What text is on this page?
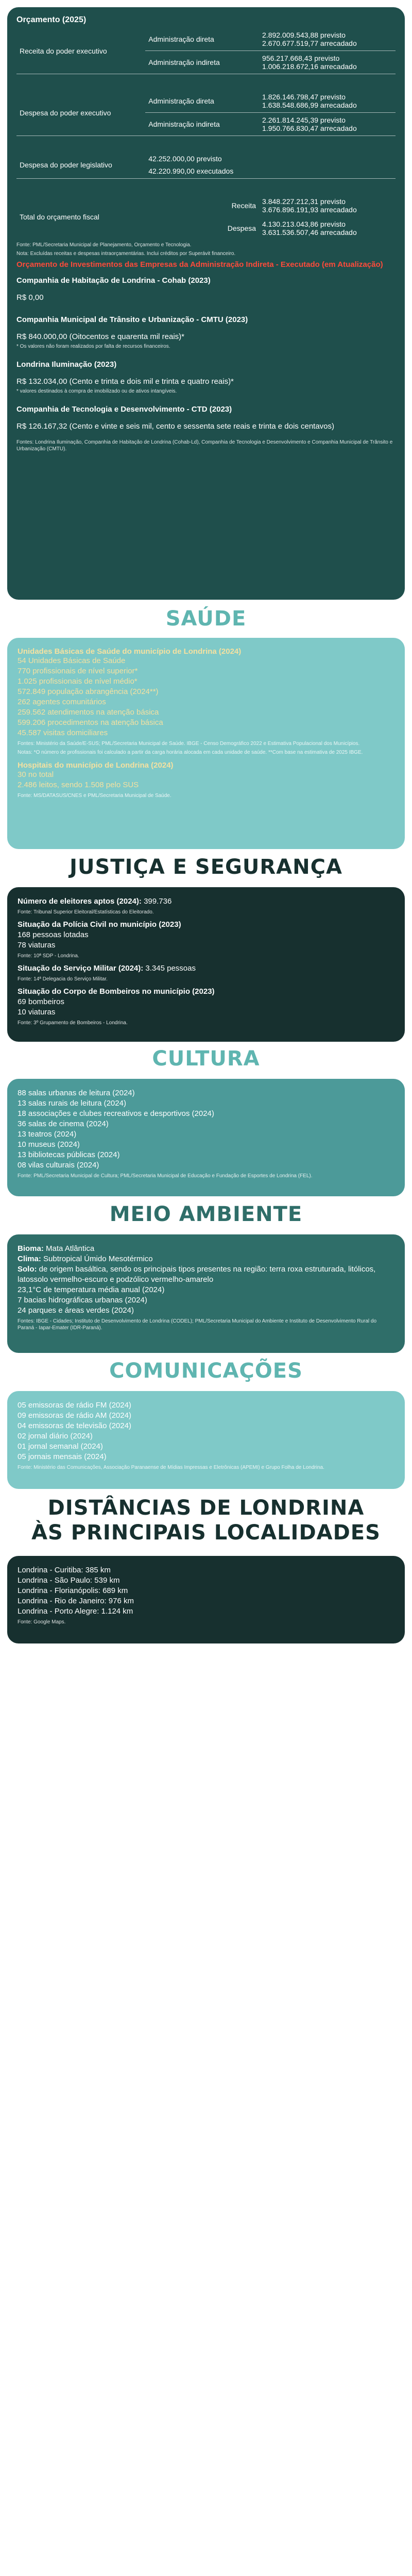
Orçamento (2025)
Receita do poder executivo	Administração direta	2.892.009.543,88 previsto
2.670.677.519,77 arrecadado

	Administração indireta	956.217.668,43 previsto
1.006.218.672,16 arrecadado

Despesa do poder executivo	Administração direta	1.826.146.798,47 previsto
1.638.548.686,99 arrecadado

	Administração indireta	2.261.814.245,39 previsto
1.950.766.830,47 arrecadado

Despesa do poder legislativo	42.252.000,00 previsto
42.220.990,00 executados	

Total do orçamento fiscal	Receita	3.848.227.212,31 previsto
3.676.896.191,93 arrecadado

	Despesa	4.130.213.043,86 previsto
3.631.536.507,46 arrecadado
Fonte: PML/Secretaria Municipal de Planejamento, Orçamento e Tecnologia.
Nota: Excluídas receitas e despesas intraorçamentárias. Inclui créditos por Superávit financeiro.
Orçamento de Investimentos das Empresas da Administração Indireta - Executado (em Atualização)
Companhia de Habitação de Londrina - Cohab (2023)
R$ 0,00
Companhia Municipal de Trânsito e Urbanização - CMTU (2023)
R$ 840.000,00 (Oitocentos e quarenta mil reais)*
* Os valores não foram realizados por falta de recursos financeiros.
Londrina Iluminação (2023)
R$ 132.034,00 (Cento e trinta e dois mil e trinta e quatro reais)*
* valores destinados à compra de imobilizado ou de ativos intangíveis.
Companhia de Tecnologia e Desenvolvimento - CTD (2023)
R$ 126.167,32 (Cento e vinte e seis mil, cento e sessenta sete reais e trinta e dois centavos)
Fontes: Londrina Iluminação, Companhia de Habitação de Londrina (Cohab-Ld), Companhia de Tecnologia e Desenvolvimento e Companhia Municipal de Trânsito e Urbanização (CMTU).
SAÚDE
Unidades Básicas de Saúde do município de Londrina (2024)
54 Unidades Básicas de Saúde
770 profissionais de nível superior*
1.025 profissionais de nível médio*
572.849 população abrangência (2024**)
262 agentes comunitários
259.562 atendimentos na atenção básica
599.206 procedimentos na atenção básica
45.587 visitas domiciliares
Fontes: Ministério da Saúde/E-SUS; PML/Secretaria Municipal de Saúde. IBGE - Censo Demográfico 2022 e Estimativa Populacional dos Municípios.
Notas: *O número de profissionais foi calculado a partir da carga horária alocada em cada unidade de saúde. **Com base na estimativa de 2025 IBGE.
Hospitais do município de Londrina (2024)
30 no total
2.486 leitos, sendo 1.508 pelo SUS
Fonte: MS/DATASUS/CNES e PML/Secretaria Municipal de Saúde.
JUSTIÇA E SEGURANÇA
Número de eleitores aptos (2024): 399.736
Fonte: Tribunal Superior Eleitoral/Estatísticas do Eleitorado.
Situação da Polícia Civil no município (2023)
168 pessoas lotadas
78 viaturas
Fonte: 10ª SDP - Londrina.
Situação do Serviço Militar (2024): 3.345 pessoas
Fonte: 14ª Delegacia do Serviço Militar.
Situação do Corpo de Bombeiros no município (2023)
69 bombeiros
10 viaturas
Fonte: 3º Grupamento de Bombeiros - Londrina.
CULTURA
88 salas urbanas de leitura (2024)
13 salas rurais de leitura (2024)
18 associações e clubes recreativos e desportivos (2024)
36 salas de cinema (2024)
13 teatros (2024)
10 museus (2024)
13 bibliotecas públicas (2024)
08 vilas culturais (2024)
Fonte: PML/Secretaria Municipal de Cultura; PML/Secretaria Municipal de Educação e Fundação de Esportes de Londrina (FEL).
MEIO AMBIENTE
Bioma: Mata Atlântica
Clima: Subtropical Úmido Mesotérmico
Solo: de origem basáltica, sendo os principais tipos presentes na região: terra roxa estruturada, litólicos, latossolo vermelho-escuro e podzólico vermelho-amarelo
23,1°C de temperatura média anual (2024)
7 bacias hidrográficas urbanas (2024)
24 parques e áreas verdes (2024)
Fontes: IBGE - Cidades; Instituto de Desenvolvimento de Londrina (CODEL); PML/Secretaria Municipal do Ambiente e Instituto de Desenvolvimento Rural do Paraná - Iapar-Emater (IDR-Paraná).
COMUNICAÇÕES
05 emissoras de rádio FM (2024)
09 emissoras de rádio AM (2024)
04 emissoras de televisão (2024)
02 jornal diário (2024)
01 jornal semanal (2024)
05 jornais mensais (2024)
Fonte: Ministério das Comunicações, Associação Paranaense de Mídias Impressas e Eletrônicas (APEMI) e Grupo Folha de Londrina.
DISTÂNCIAS DE LONDRINA
ÀS PRINCIPAIS LOCALIDADES
Londrina - Curitiba: 385 km
Londrina - São Paulo: 539 km
Londrina - Florianópolis: 689 km
Londrina - Rio de Janeiro: 976 km
Londrina - Porto Alegre: 1.124 km
Fonte: Google Maps.
